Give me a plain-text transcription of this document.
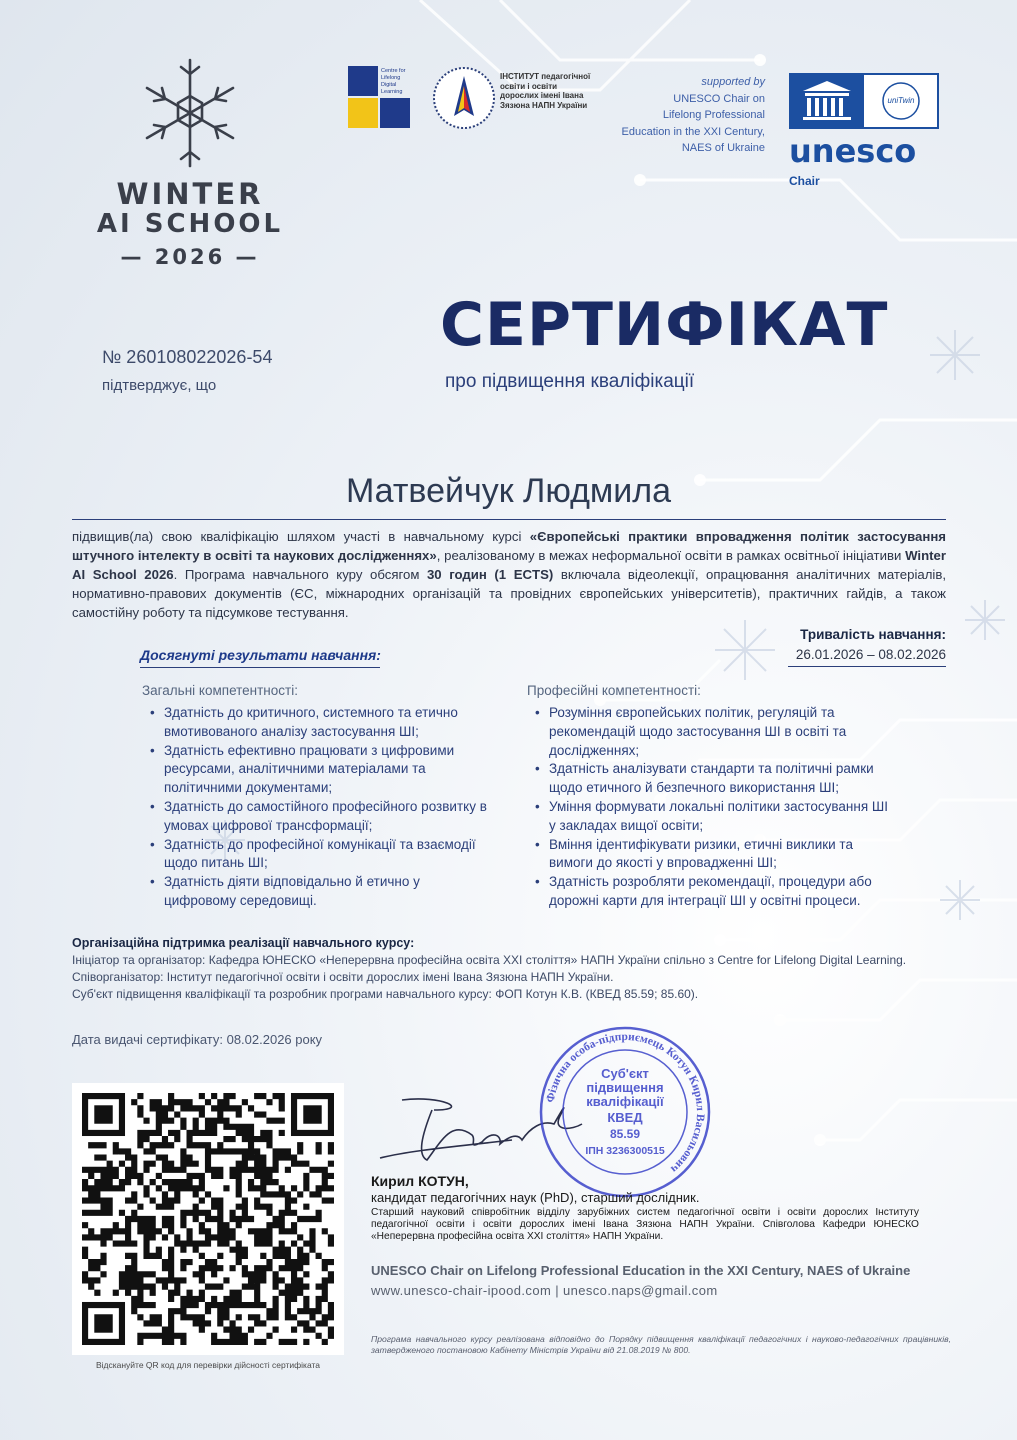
WINTER
AI SCHOOL
— 2026 —
Centre for Lifelong Digital Learning
ІНСТИТУТ педагогічної освіти і освіти дорослих імені Івана Зязюна НАПН України
supported by
UNESCO Chair on
Lifelong Professional
Education in the XXI Century,
NAES of Ukraine
uniTwin
unesco
Chair
№ 260108022026-54
підтверджує, що
СЕРТИФІКАТ
про підвищення кваліфікації
Матвейчук Людмила
підвищив(ла) свою кваліфікацію шляхом участі в навчальному курсі «Європейські практики впровадження політик застосування штучного інтелекту в освіті та наукових дослідженнях», реалізованому в межах неформальної освіти в рамках освітньої ініціативи Winter AI School 2026. Програма навчального куру обсягом 30 годин (1 ECTS) включала відеолекції, опрацювання аналітичних матеріалів, нормативно-правових документів (ЄС, міжнародних організацій та провідних європейських університетів), практичних гайдів, а також самостійну роботу та підсумкове тестування.
Тривалість навчання:
26.01.2026 – 08.02.2026
Досягнуті результати навчання:
Загальні компетентності:
• Здатність до критичного, системного та етично вмотивованого аналізу застосування ШІ;
• Здатність ефективно працювати з цифровими ресурсами, аналітичними матеріалами та політичними документами;
• Здатність до самостійного професійного розвитку в умовах цифрової трансформації;
• Здатність до професійної комунікації та взаємодії щодо питань ШІ;
• Здатність діяти відповідально й етично у цифровому середовищі.
Професійні компетентності:
• Розуміння європейських політик, регуляцій та рекомендацій щодо застосування ШІ в освіті та дослідженнях;
• Здатність аналізувати стандарти та політичні рамки щодо етичного й безпечного використання ШІ;
• Уміння формувати локальні політики застосування ШІ у закладах вищої освіти;
• Вміння ідентифікувати ризики, етичні виклики та вимоги до якості у впровадженні ШІ;
• Здатність розробляти рекомендації, процедури або дорожні карти для інтеграції ШІ у освітні процеси.
Організаційна підтримка реалізації навчального курсу:
Ініціатор та організатор: Кафедра ЮНЕСКО «Неперервна професійна освіта ХХІ століття» НАПН України спільно з Centre for Lifelong Digital Learning.
Співорганізатор: Інститут педагогічної освіти і освіти дорослих імені Івана Зязюна НАПН України.
Суб'єкт підвищення кваліфікації та розробник програми навчального курсу: ФОП Котун К.В. (КВЕД 85.59; 85.60).
Дата видачі сертифікату: 08.02.2026 року
Відскануйте QR код для перевірки дійсності сертифіката
Фізична особа-підприємець Котун Кирил Васильович
Суб'єкт
підвищення
кваліфікації
КВЕД
85.59
ІПН 3236300515
Кирил КОТУН,
кандидат педагогічних наук (PhD), старший дослідник.
Старший науковий співробітник відділу зарубіжних систем педагогічної освіти і освіти дорослих Інституту педагогічної освіти і освіти дорослих імені Івана Зязюна НАПН України. Співголова Кафедри ЮНЕСКО «Неперервна професійна освіта ХХІ століття» НАПН України.
UNESCO Chair on Lifelong Professional Education in the XXI Century, NAES of Ukraine
www.unesco-chair-ipood.com | unesco.naps@gmail.com
Програма навчального курсу реалізована відповідно до Порядку підвищення кваліфікації педагогічних і науково-педагогічних працівників, затвердженого постановою Кабінету Міністрів України від 21.08.2019 № 800.
